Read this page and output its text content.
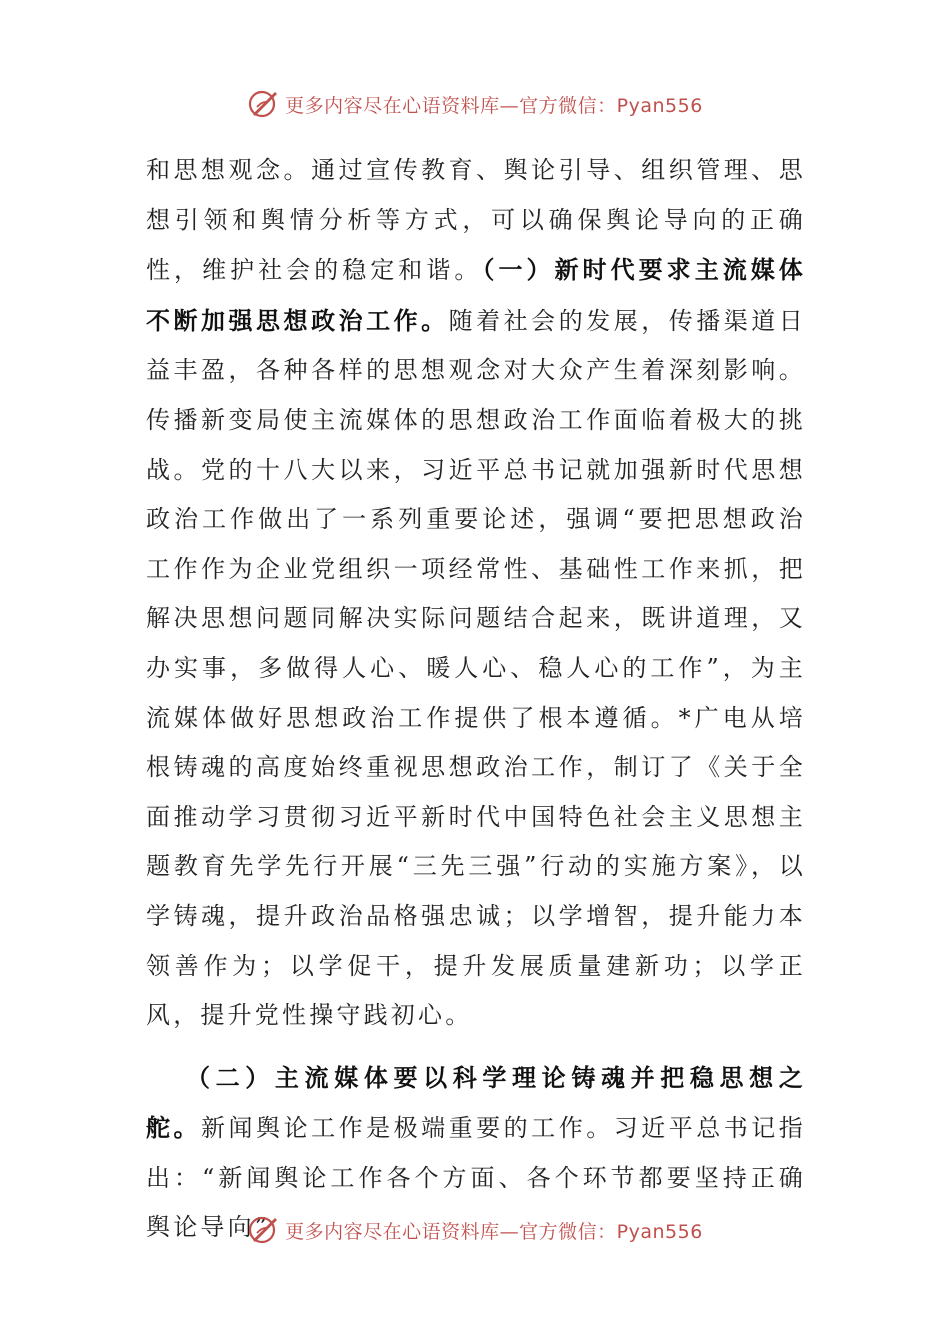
更多内容尽在心语资料库—官方微信：Pyan556

和思想观念。通过宣传教育、舆论引导、组织管理、思想引领和舆情分析等方式，可以确保舆论导向的正确性，维护社会的稳定和谐。（一）新时代要求主流媒体不断加强思想政治工作。随着社会的发展，传播渠道日益丰盈，各种各样的思想观念对大众产生着深刻影响。传播新变局使主流媒体的思想政治工作面临着极大的挑战。党的十八大以来，习近平总书记就加强新时代思想政治工作做出了一系列重要论述，强调“要把思想政治工作作为企业党组织一项经常性、基础性工作来抓，把解决思想问题同解决实际问题结合起来，既讲道理，又办实事，多做得人心、暖人心、稳人心的工作”，为主流媒体做好思想政治工作提供了根本遵循。*广电从培根铸魂的高度始终重视思想政治工作，制订了《关于全面推动学习贯彻习近平新时代中国特色社会主义思想主题教育先学先行开展“三先三强”行动的实施方案》，以学铸魂，提升政治品格强忠诚；以学增智，提升能力本领善作为；以学促干，提升发展质量建新功；以学正风，提升党性操守践初心。

（二）主流媒体要以科学理论铸魂并把稳思想之舵。新闻舆论工作是极端重要的工作。习近平总书记指出：“新闻舆论工作各个方面、各个环节都要坚持正确舆论导向” 更多内容尽在心语资料库—官方微信：Pyan556
